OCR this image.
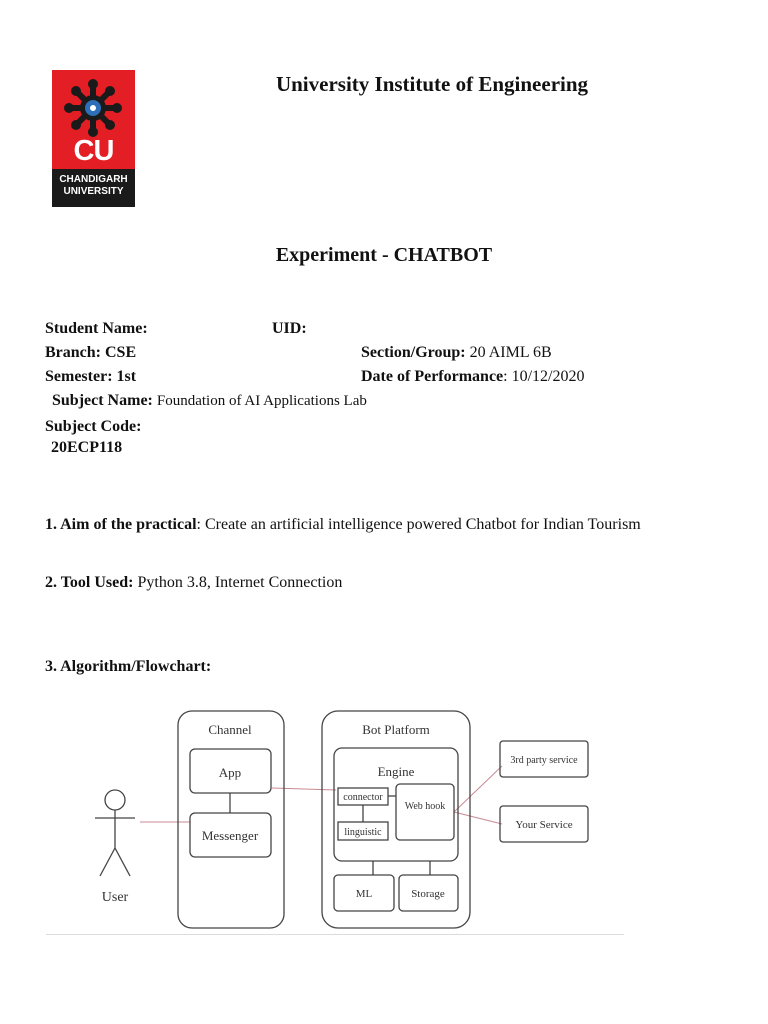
CU
CHANDIGARH
UNIVERSITY
University Institute of Engineering
Experiment - CHATBOT
Student Name:	UID:
Branch: CSE	Section/Group: 20 AIML 6B
Semester: 1st	Date of Performance: 10/12/2020
Subject Name: Foundation of AI Applications Lab
Subject Code:
20ECP118
1. Aim of the practical: Create an artificial intelligence powered Chatbot for Indian Tourism
2. Tool Used: Python 3.8, Internet Connection
3. Algorithm/Flowchart:
User
Channel
App
Messenger
Bot Platform
Engine
connector
linguistic
Web hook
ML	Storage
3rd party service
Your Service
